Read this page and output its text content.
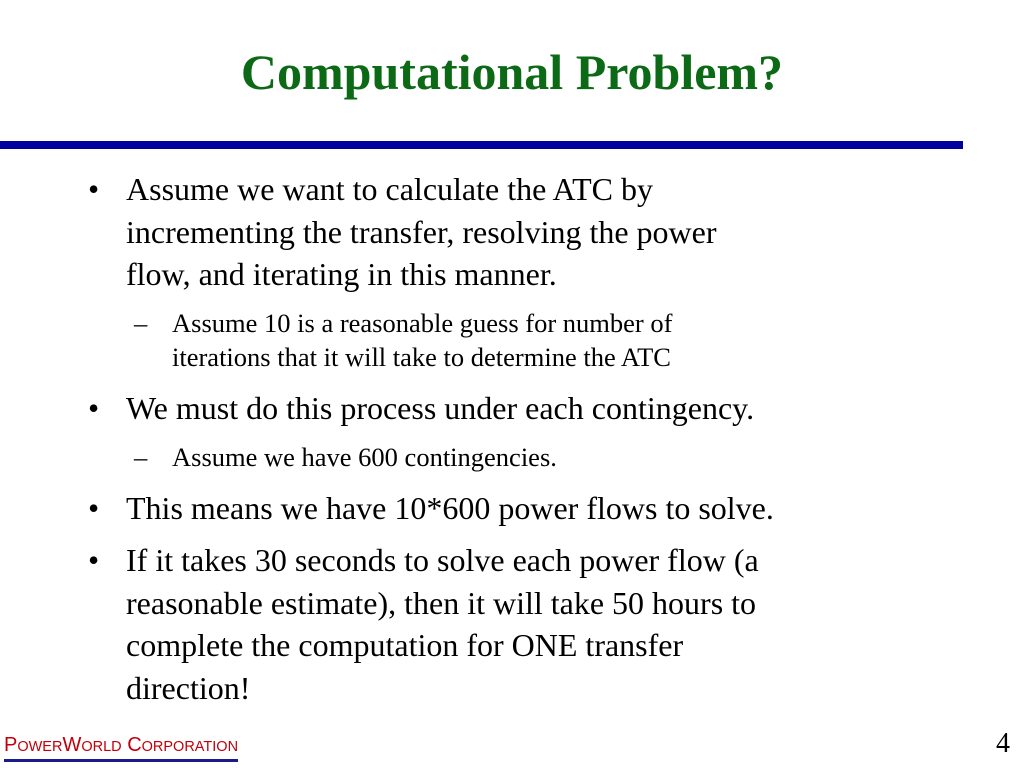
Computational Problem?
• Assume we want to calculate the ATC by
incrementing the transfer, resolving the power
flow, and iterating in this manner.
– Assume 10 is a reasonable guess for number of
iterations that it will take to determine the ATC
• We must do this process under each contingency.
– Assume we have 600 contingencies.
• This means we have 10*600 power flows to solve.
• If it takes 30 seconds to solve each power flow (a
reasonable estimate), then it will take 50 hours to
complete the computation for ONE transfer
direction!
POWERWORLD CORPORATION	4
